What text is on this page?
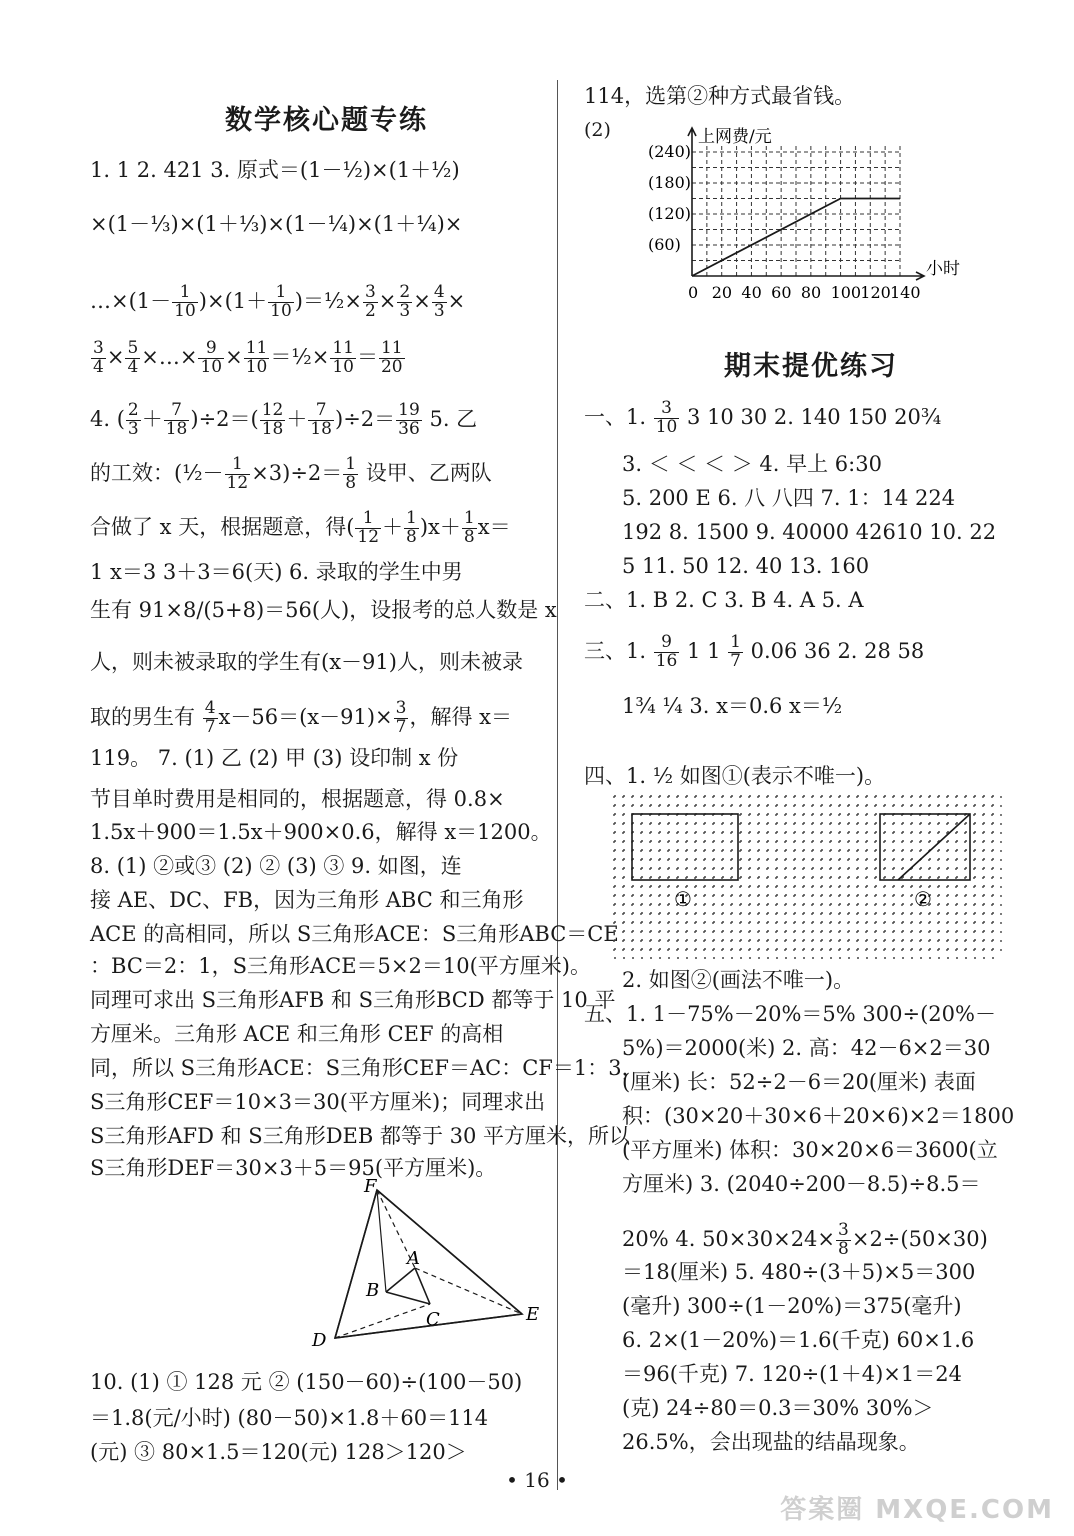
数学核心题专练
1. 1 2. 421 3. 原式＝(1－½)×(1＋½)
×(1－⅓)×(1＋⅓)×(1－¼)×(1＋¼)×
…×(1－ $\frac{1}{10} )\times(1+ \frac{1}{10}$ )＝½× $\frac{3}{2} \times \frac{2}{3} \times \frac{4}{3}$ ×
$\frac{3}{4} \times \frac{5}{4}$ ×…× $\frac{9}{10} \times \frac{11}{10}$ ＝½× $\frac{11}{10} = \frac{11}{20}$
4. ( $\frac{2}{3} + \frac{7}{18} )\div 2=( \frac{12}{18} + \frac{7}{18} )\div 2= \frac{19}{36} 5$. 乙
的工效：(½－ $\frac{1}{12} \times 3)\div 2= \frac{1}{8}$ 设甲、乙两队
合做了 x 天，根据题意，得( $\frac{1}{12} + \frac{1}{8} )x+ \frac{1}{8} x=$
1 x＝3 3＋3＝6(天) 6. 录取的学生中男
生有 91×8/(5+8)＝56(人)，设报考的总人数是 x
人，则未被录取的学生有(x－91)人，则未被录
取的男生有 $\frac{4}{7} x-56=(x-91)\times \frac{3}{7}$ ，解得 x＝
119。 7. (1) 乙 (2) 甲 (3) 设印制 x 份
节目单时费用是相同的，根据题意，得 0.8×
1.5x＋900＝1.5x＋900×0.6，解得 x＝1200。
8. (1) ②或③ (2) ② (3) ③ 9. 如图，连
接 AE、DC、FB，因为三角形 ABC 和三角形
ACE 的高相同，所以 S三角形ACE：S三角形ABC＝CE
：BC＝2：1，S三角形ACE＝5×2＝10(平方厘米)。
同理可求出 S三角形AFB 和 S三角形BCD 都等于 10 平
方厘米。三角形 ACE 和三角形 CEF 的高相
同，所以 S三角形ACE：S三角形CEF＝AC：CF＝1：3，
S三角形CEF＝10×3＝30(平方厘米)；同理求出
S三角形AFD 和 S三角形DEB 都等于 30 平方厘米，所以
S三角形DEF＝30×3＋5＝95(平方厘米)。
10. (1) ① 128 元 ② (150－60)÷(100－50)
＝1.8(元/小时) (80－50)×1.8＋60＝114
(元) ③ 80×1.5＝120(元) 128＞120＞
F
A
B
C
D
E
114，选第②种方式最省钱。
(2)
0 20 40 60 80 100 120 140
(60)
(120)
(180)
(240)
上网费/元
小时
期末提优练习
一、1. $\frac{3}{10} 3$ 10 30 2. 140 150 20¾
3. ＜ ＜ ＜ ＞ 4. 早上 6:30
5. 200 E 6. 八 八四 7. 1：14 224
192 8. 1500 9. 40000 42610 10. 22
5 11. 50 12. 40 13. 160
二、1. B 2. C 3. B 4. A 5. A
三、1. $\frac{9}{16} 1$ $1 \frac{1}{7} 0.06$ 36 2. 28 58
1¾ ¼ 3. x＝0.6 x＝½
四、1. ½ 如图①(表示不唯一)。
2. 如图②(画法不唯一)。
五、1. 1－75%－20%＝5% 300÷(20%－
5%)＝2000(米) 2. 高：42－6×2＝30
(厘米) 长：52÷2－6＝20(厘米) 表面
积：(30×20＋30×6＋20×6)×2＝1800
(平方厘米) 体积：30×20×6＝3600(立
方厘米) 3. (2040÷200－8.5)÷8.5＝
20% 4. $50\times 30\times 24\times \frac{3}{8} \times 2\div(50\times 30)$
＝18(厘米) 5. 480÷(3＋5)×5＝300
(毫升) 300÷(1－20%)＝375(毫升)
6. 2×(1－20%)＝1.6(千克) 60×1.6
＝96(千克) 7. 120÷(1＋4)×1＝24
(克) 24÷80＝0.3＝30% 30%＞
26.5%，会出现盐的结晶现象。
①	②
• 16 •
答案圈 MXQE.COM
